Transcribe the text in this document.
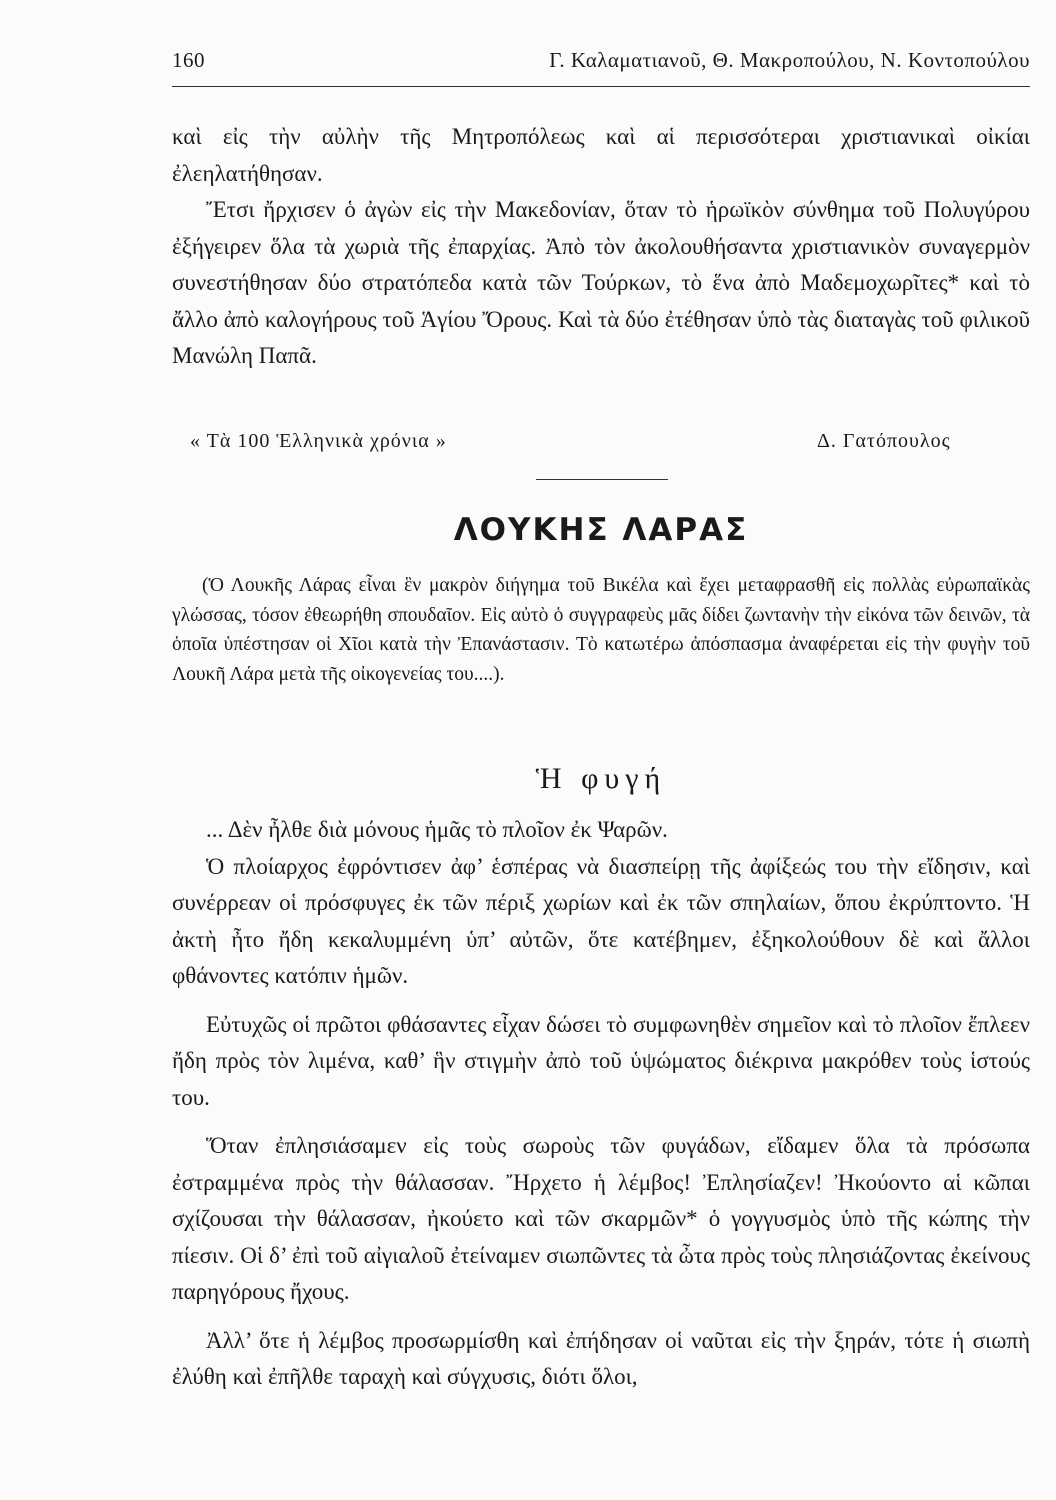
160	Γ. Καλαματιανοῦ, Θ. Μακροπούλου, Ν. Κοντοπούλου

καὶ εἰς τὴν αὐλὴν τῆς Μητροπόλεως καὶ αἱ περισσότεραι χριστιανικαὶ οἰκίαι ἐλεηλατήθησαν.

Ἔτσι ἤρχισεν ὁ ἀγὼν εἰς τὴν Μακεδονίαν, ὅταν τὸ ἡρωϊκὸν σύνθημα τοῦ Πολυγύρου ἐξήγειρεν ὅλα τὰ χωριὰ τῆς ἐπαρχίας. Ἀπὸ τὸν ἀκολουθήσαντα χριστιανικὸν συναγερμὸν συνεστήθησαν δύο στρατόπεδα κατὰ τῶν Τούρκων, τὸ ἕνα ἀπὸ Μαδεμοχωρῖτες* καὶ τὸ ἄλλο ἀπὸ καλογήρους τοῦ Ἁγίου Ὄρους. Καὶ τὰ δύο ἐτέθησαν ὑπὸ τὰς διαταγὰς τοῦ φιλικοῦ Μανώλη Παπᾶ.

« Τὰ 100 Ἑλληνικὰ χρόνια »	Δ. Γατόπουλος
ΛΟΥΚΗΣ ΛΑΡΑΣ

(Ὁ Λουκῆς Λάρας εἶναι ἓν μακρὸν διήγημα τοῦ Βικέλα καὶ ἔχει μεταφρασθῆ εἰς πολλὰς εὐρωπαϊκὰς γλώσσας, τόσον ἐθεωρήθη σπουδαῖον. Εἰς αὐτὸ ὁ συγγραφεὺς μᾶς δίδει ζωντανὴν τὴν εἰκόνα τῶν δεινῶν, τὰ ὁποῖα ὑπέστησαν οἱ Χῖοι κατὰ τὴν Ἐπανάστασιν. Τὸ κατωτέρω ἀπόσπασμα ἀναφέρεται εἰς τὴν φυγὴν τοῦ Λουκῆ Λάρα μετὰ τῆς οἰκογενείας του....).

Ἡ φυγή

... Δὲν ἦλθε διὰ μόνους ἡμᾶς τὸ πλοῖον ἐκ Ψαρῶν.

Ὁ πλοίαρχος ἐφρόντισεν ἀφ’ ἑσπέρας νὰ διασπείρῃ τῆς ἀφίξεώς του τὴν εἴδησιν, καὶ συνέρρεαν οἱ πρόσφυγες ἐκ τῶν πέριξ χωρίων καὶ ἐκ τῶν σπηλαίων, ὅπου ἐκρύπτοντο. Ἡ ἀκτὴ ἦτο ἤδη κεκαλυμμένη ὑπ’ αὐτῶν, ὅτε κατέβημεν, ἐξηκολούθουν δὲ καὶ ἄλλοι φθάνοντες κατόπιν ἡμῶν.

Εὐτυχῶς οἱ πρῶτοι φθάσαντες εἶχαν δώσει τὸ συμφωνηθὲν σημεῖον καὶ τὸ πλοῖον ἔπλεεν ἤδη πρὸς τὸν λιμένα, καθ’ ἣν στιγμὴν ἀπὸ τοῦ ὑψώματος διέκρινα μακρόθεν τοὺς ἱστούς του.

Ὅταν ἐπλησιάσαμεν εἰς τοὺς σωροὺς τῶν φυγάδων, εἴδαμεν ὅλα τὰ πρόσωπα ἐστραμμένα πρὸς τὴν θάλασσαν. Ἤρχετο ἡ λέμβος! Ἐπλησίαζεν! Ἠκούοντο αἱ κῶπαι σχίζουσαι τὴν θάλασσαν, ἠκούετο καὶ τῶν σκαρμῶν* ὁ γογγυσμὸς ὑπὸ τῆς κώπης τὴν πίεσιν. Οἱ δ’ ἐπὶ τοῦ αἰγιαλοῦ ἐτείναμεν σιωπῶντες τὰ ὦτα πρὸς τοὺς πλησιάζοντας ἐκείνους παρηγόρους ἤχους.

Ἀλλ’ ὅτε ἡ λέμβος προσωρμίσθη καὶ ἐπήδησαν οἱ ναῦται εἰς τὴν ξηράν, τότε ἡ σιωπὴ ἐλύθη καὶ ἐπῆλθε ταραχὴ καὶ σύγχυσις, διότι ὅλοι,
